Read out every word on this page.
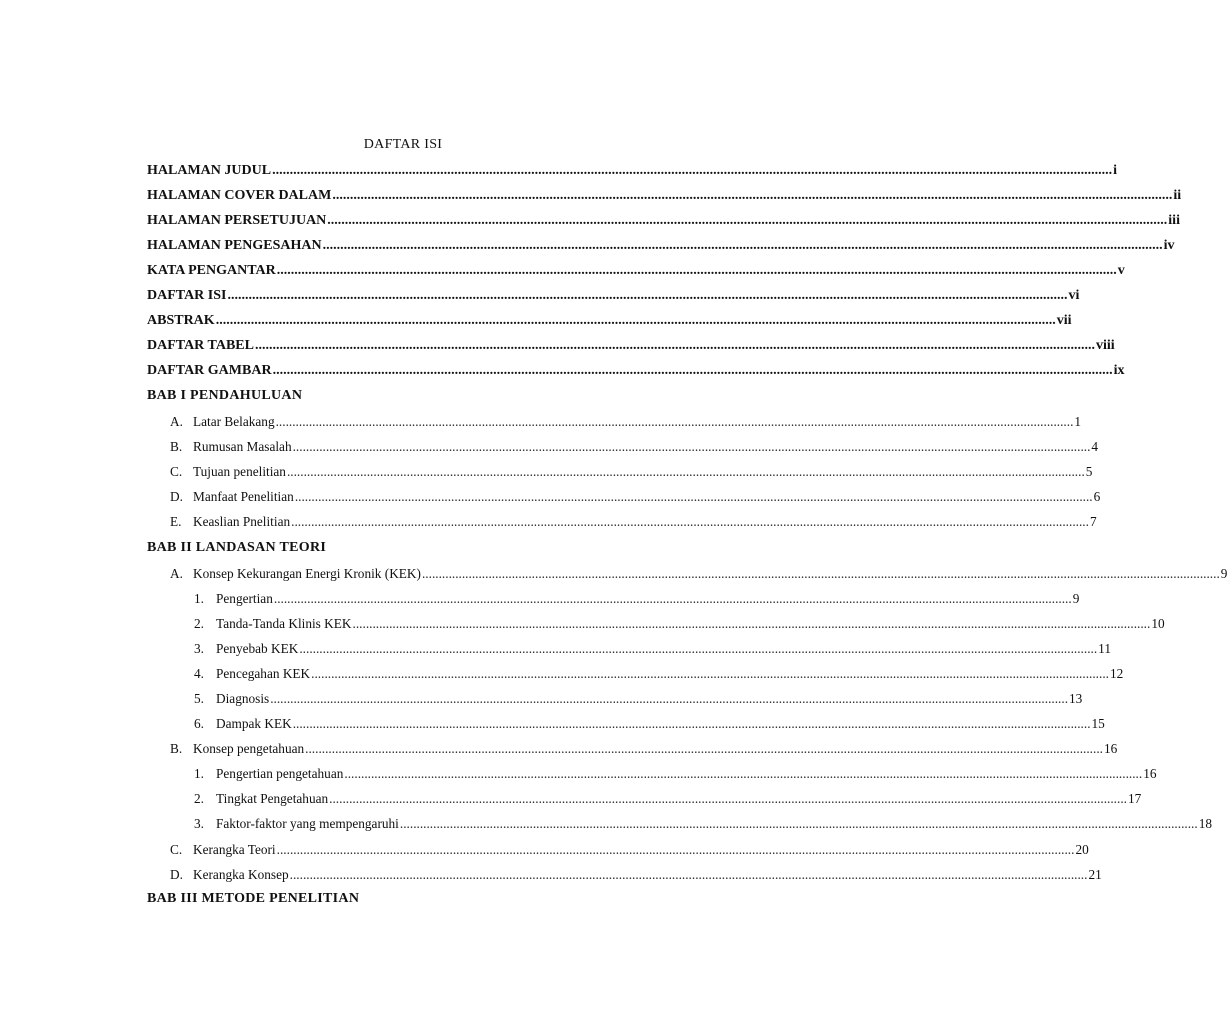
DAFTAR ISI
HALAMAN JUDUL ................................................................................................................................................................................................................................................ i
HALAMAN COVER DALAM ................................................................................................................................................................................................................................................ ii
HALAMAN PERSETUJUAN ................................................................................................................................................................................................................................................ iii
HALAMAN PENGESAHAN ................................................................................................................................................................................................................................................ iv
KATA PENGANTAR ................................................................................................................................................................................................................................................ v
DAFTAR ISI ................................................................................................................................................................................................................................................ vi
ABSTRAK ................................................................................................................................................................................................................................................ vii
DAFTAR TABEL ................................................................................................................................................................................................................................................ viii
DAFTAR GAMBAR ................................................................................................................................................................................................................................................ ix
BAB I PENDAHULUAN
A. Latar Belakang ................................................................................................................................................................................................................................................ 1
B. Rumusan Masalah ................................................................................................................................................................................................................................................ 4
C. Tujuan penelitian ................................................................................................................................................................................................................................................ 5
D. Manfaat Penelitian ................................................................................................................................................................................................................................................ 6
E. Keaslian Pnelitian ................................................................................................................................................................................................................................................ 7
BAB II LANDASAN TEORI
A. Konsep Kekurangan Energi Kronik (KEK) ................................................................................................................................................................................................................................................ 9
1. Pengertian ................................................................................................................................................................................................................................................ 9
2. Tanda-Tanda Klinis KEK ................................................................................................................................................................................................................................................ 10
3. Penyebab KEK ................................................................................................................................................................................................................................................ 11
4. Pencegahan KEK ................................................................................................................................................................................................................................................ 12
5. Diagnosis ................................................................................................................................................................................................................................................ 13
6. Dampak KEK ................................................................................................................................................................................................................................................ 15
B. Konsep pengetahuan ................................................................................................................................................................................................................................................ 16
1. Pengertian pengetahuan ................................................................................................................................................................................................................................................ 16
2. Tingkat Pengetahuan ................................................................................................................................................................................................................................................ 17
3. Faktor-faktor yang mempengaruhi ................................................................................................................................................................................................................................................ 18
C. Kerangka Teori ................................................................................................................................................................................................................................................ 20
D. Kerangka Konsep ................................................................................................................................................................................................................................................ 21
BAB III METODE PENELITIAN
